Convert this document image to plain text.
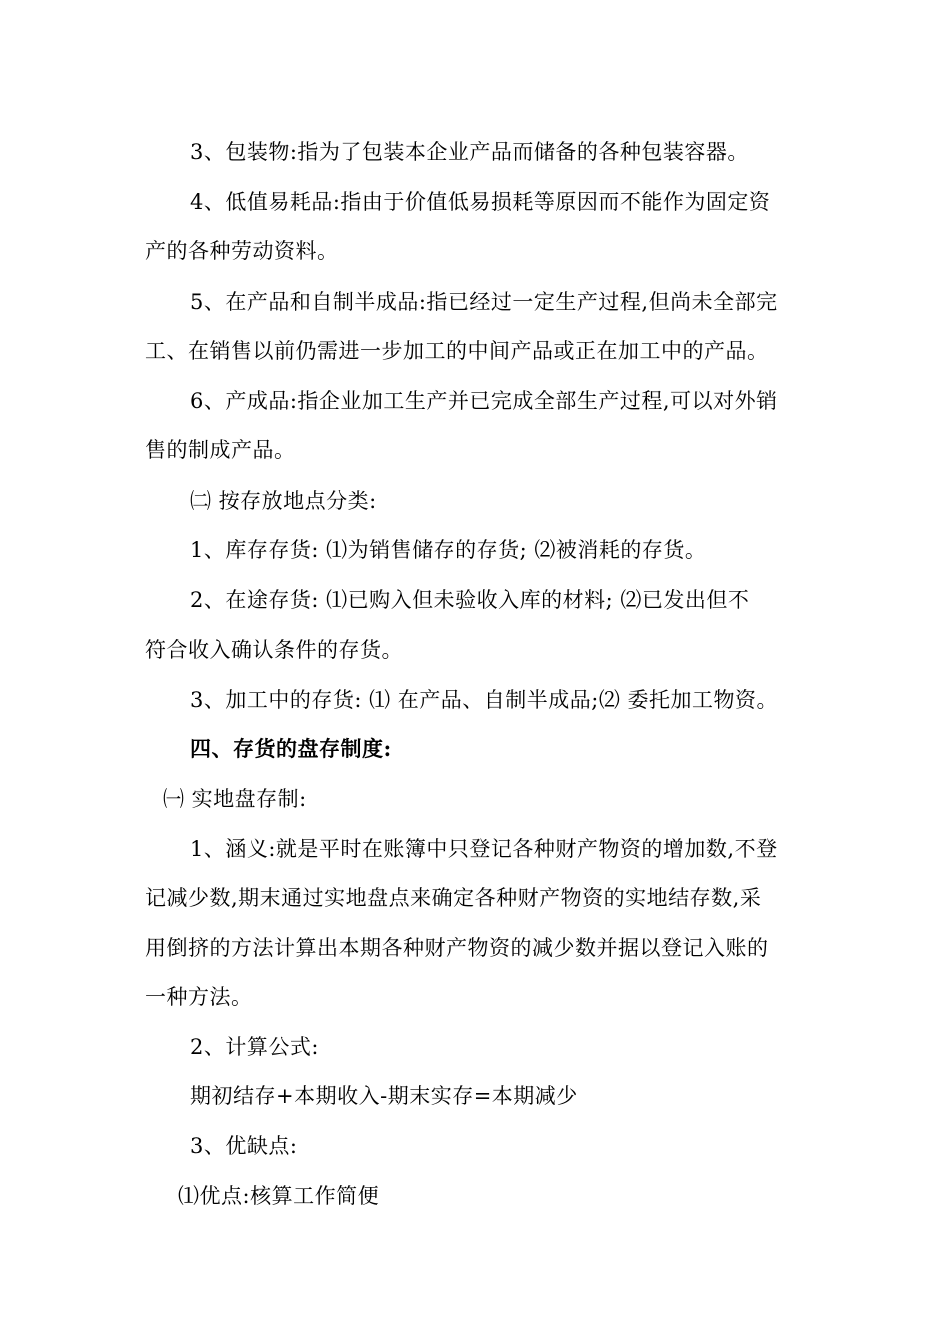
3、包装物:指为了包装本企业产品而储备的各种包装容器。
4、低值易耗品:指由于价值低易损耗等原因而不能作为固定资
产的各种劳动资料。
5、在产品和自制半成品:指已经过一定生产过程,但尚未全部完
工、在销售以前仍需进一步加工的中间产品或正在加工中的产品。
6、产成品:指企业加工生产并已完成全部生产过程,可以对外销
售的制成产品。
㈡ 按存放地点分类:
1、库存存货: ⑴为销售储存的存货; ⑵被消耗的存货。
2、在途存货: ⑴已购入但未验收入库的材料; ⑵已发出但不
符合收入确认条件的存货。
3、加工中的存货: ⑴ 在产品、自制半成品;⑵ 委托加工物资。
四、存货的盘存制度:
㈠ 实地盘存制:
1、涵义:就是平时在账簿中只登记各种财产物资的增加数,不登
记减少数,期末通过实地盘点来确定各种财产物资的实地结存数,采
用倒挤的方法计算出本期各种财产物资的减少数并据以登记入账的
一种方法。
2、计算公式:
期初结存+本期收入-期末实存=本期减少
3、优缺点:
⑴优点:核算工作简便
